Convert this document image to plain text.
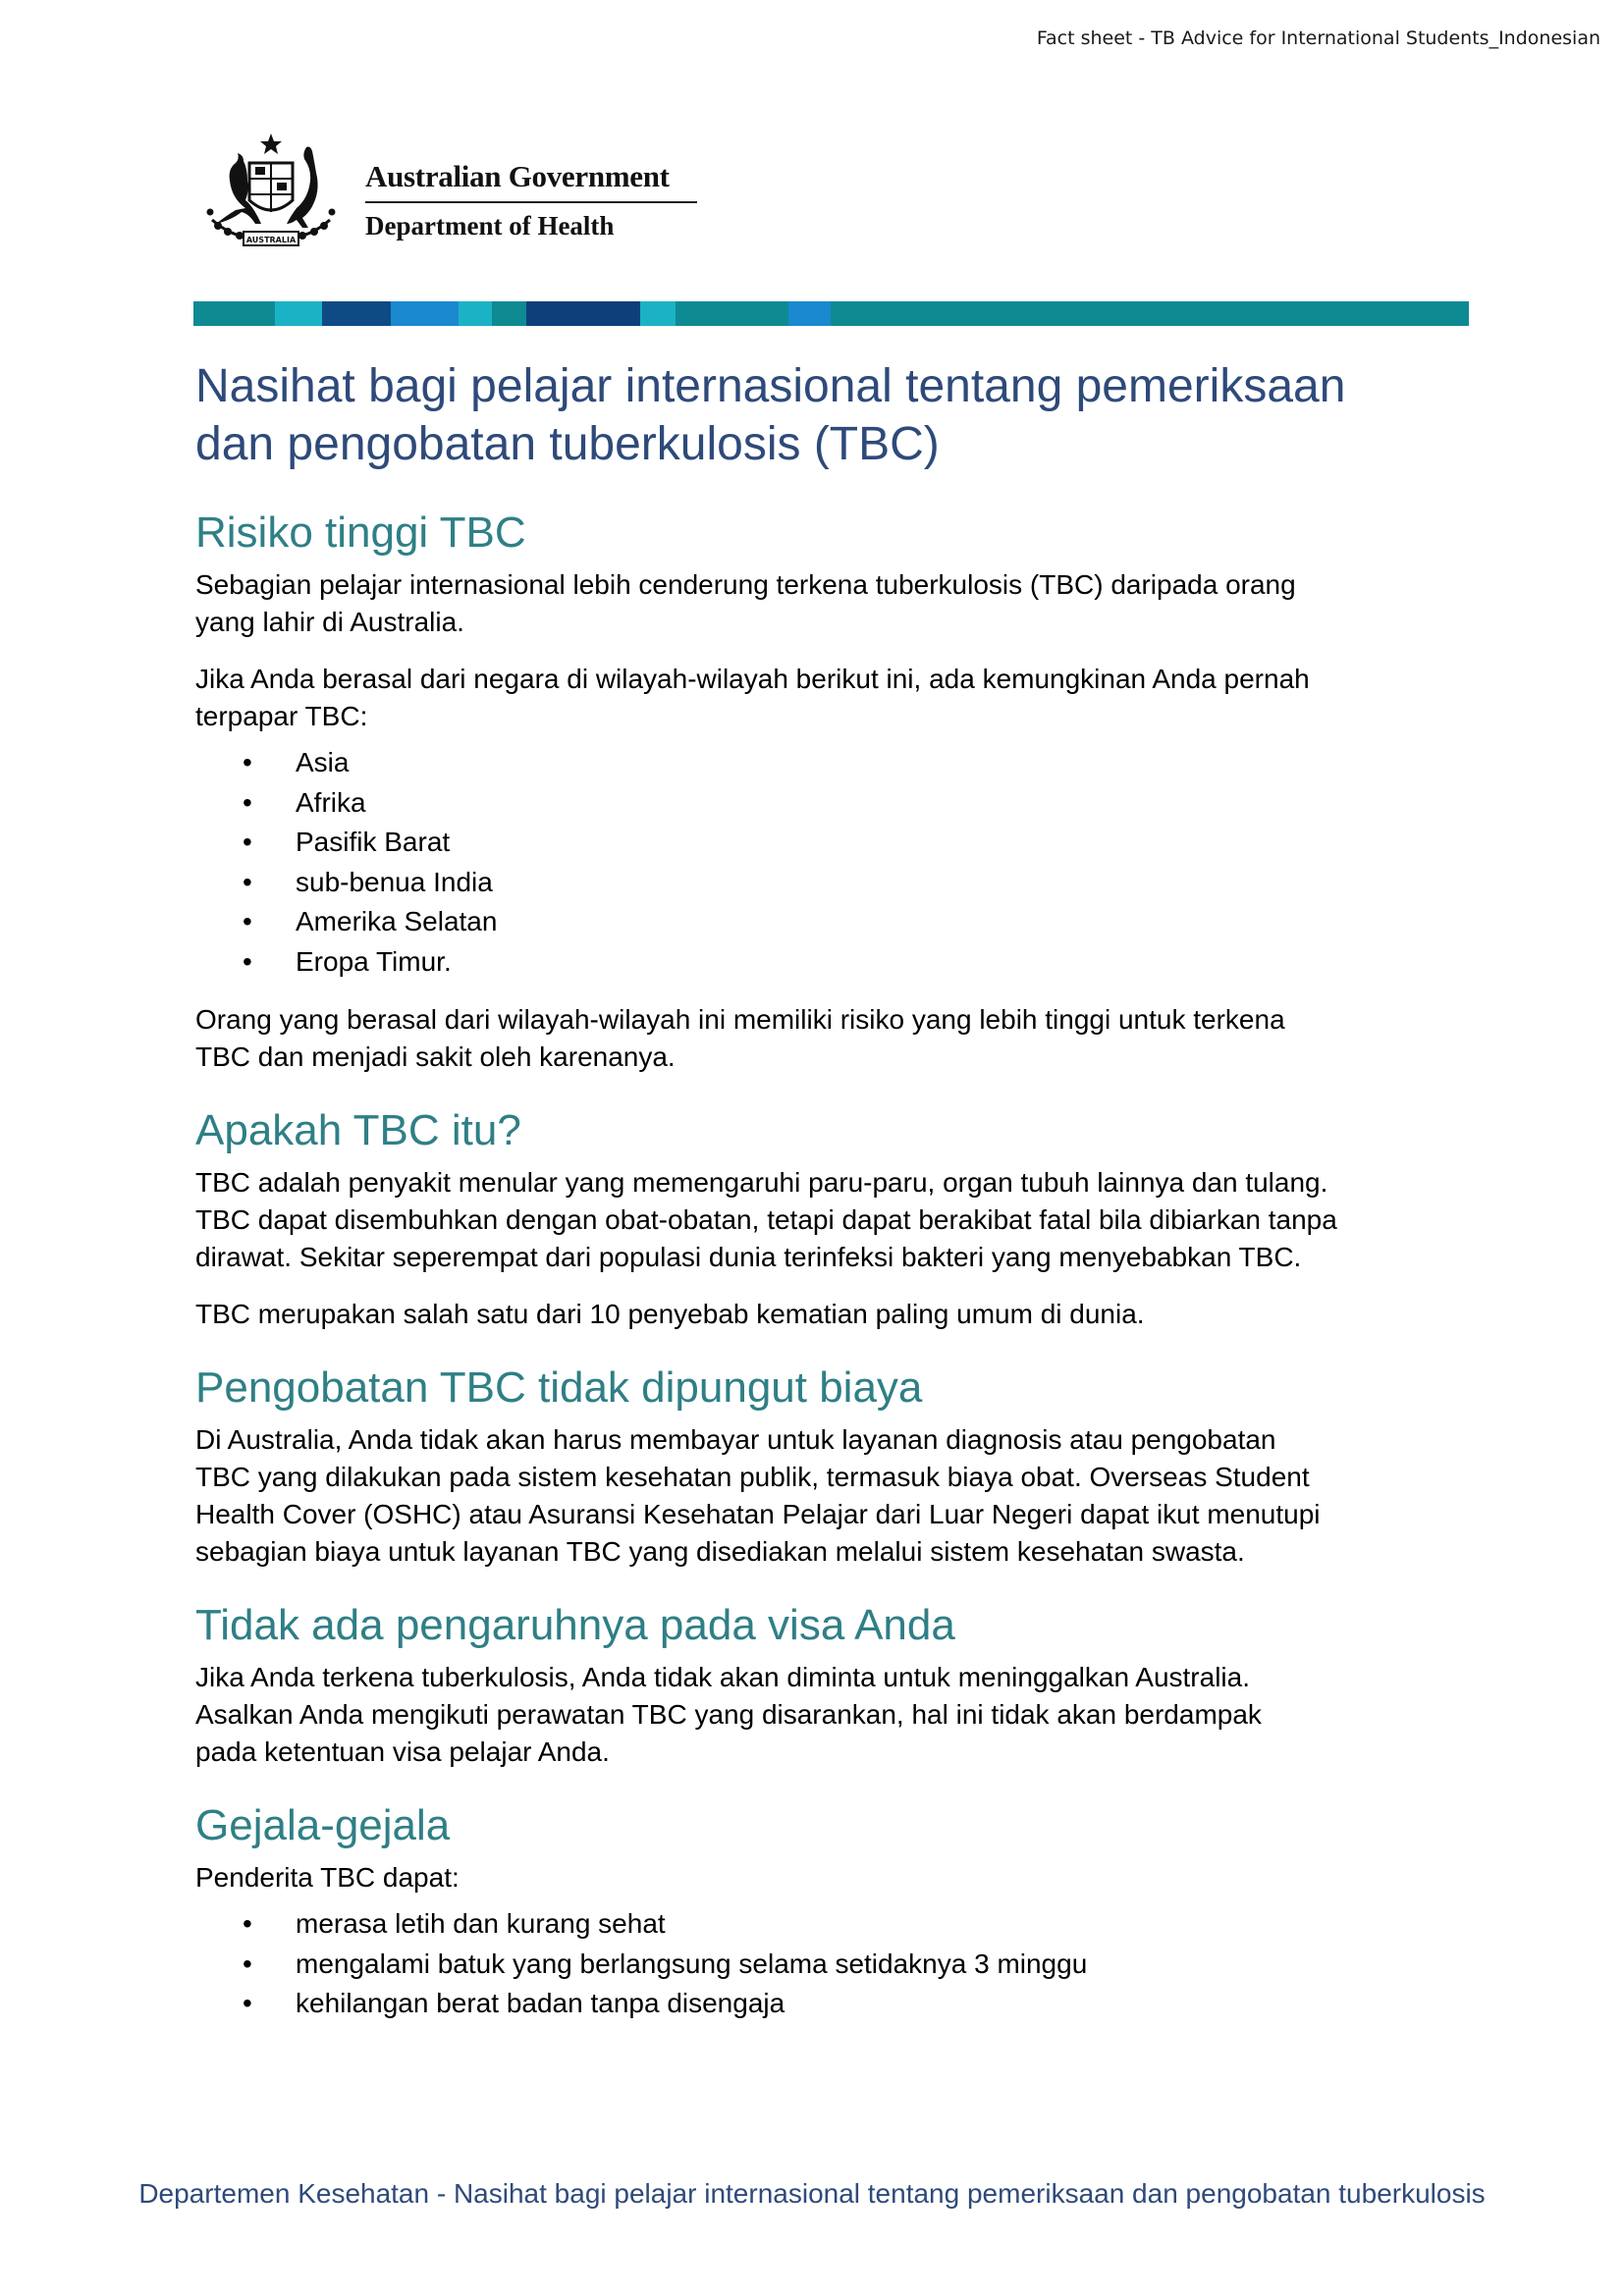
Fact sheet - TB Advice for International Students_Indonesian
AUSTRALIA
Australian Government
Department of Health
Nasihat bagi pelajar internasional tentang pemeriksaan
dan pengobatan tuberkulosis (TBC)
Risiko tinggi TBC

Sebagian pelajar internasional lebih cenderung terkena tuberkulosis (TBC) daripada orang
yang lahir di Australia.

Jika Anda berasal dari negara di wilayah-wilayah berikut ini, ada kemungkinan Anda pernah
terpapar TBC:

• Asia
• Afrika
• Pasifik Barat
• sub-benua India
• Amerika Selatan
• Eropa Timur.

Orang yang berasal dari wilayah-wilayah ini memiliki risiko yang lebih tinggi untuk terkena
TBC dan menjadi sakit oleh karenanya.

Apakah TBC itu?

TBC adalah penyakit menular yang memengaruhi paru-paru, organ tubuh lainnya dan tulang.
TBC dapat disembuhkan dengan obat-obatan, tetapi dapat berakibat fatal bila dibiarkan tanpa
dirawat. Sekitar seperempat dari populasi dunia terinfeksi bakteri yang menyebabkan TBC.

TBC merupakan salah satu dari 10 penyebab kematian paling umum di dunia.

Pengobatan TBC tidak dipungut biaya

Di Australia, Anda tidak akan harus membayar untuk layanan diagnosis atau pengobatan
TBC yang dilakukan pada sistem kesehatan publik, termasuk biaya obat. Overseas Student
Health Cover (OSHC) atau Asuransi Kesehatan Pelajar dari Luar Negeri dapat ikut menutupi
sebagian biaya untuk layanan TBC yang disediakan melalui sistem kesehatan swasta.

Tidak ada pengaruhnya pada visa Anda

Jika Anda terkena tuberkulosis, Anda tidak akan diminta untuk meninggalkan Australia.
Asalkan Anda mengikuti perawatan TBC yang disarankan, hal ini tidak akan berdampak
pada ketentuan visa pelajar Anda.

Gejala-gejala

Penderita TBC dapat:

• merasa letih dan kurang sehat
• mengalami batuk yang berlangsung selama setidaknya 3 minggu
• kehilangan berat badan tanpa disengaja
Departemen Kesehatan - Nasihat bagi pelajar internasional tentang pemeriksaan dan pengobatan tuberkulosis
